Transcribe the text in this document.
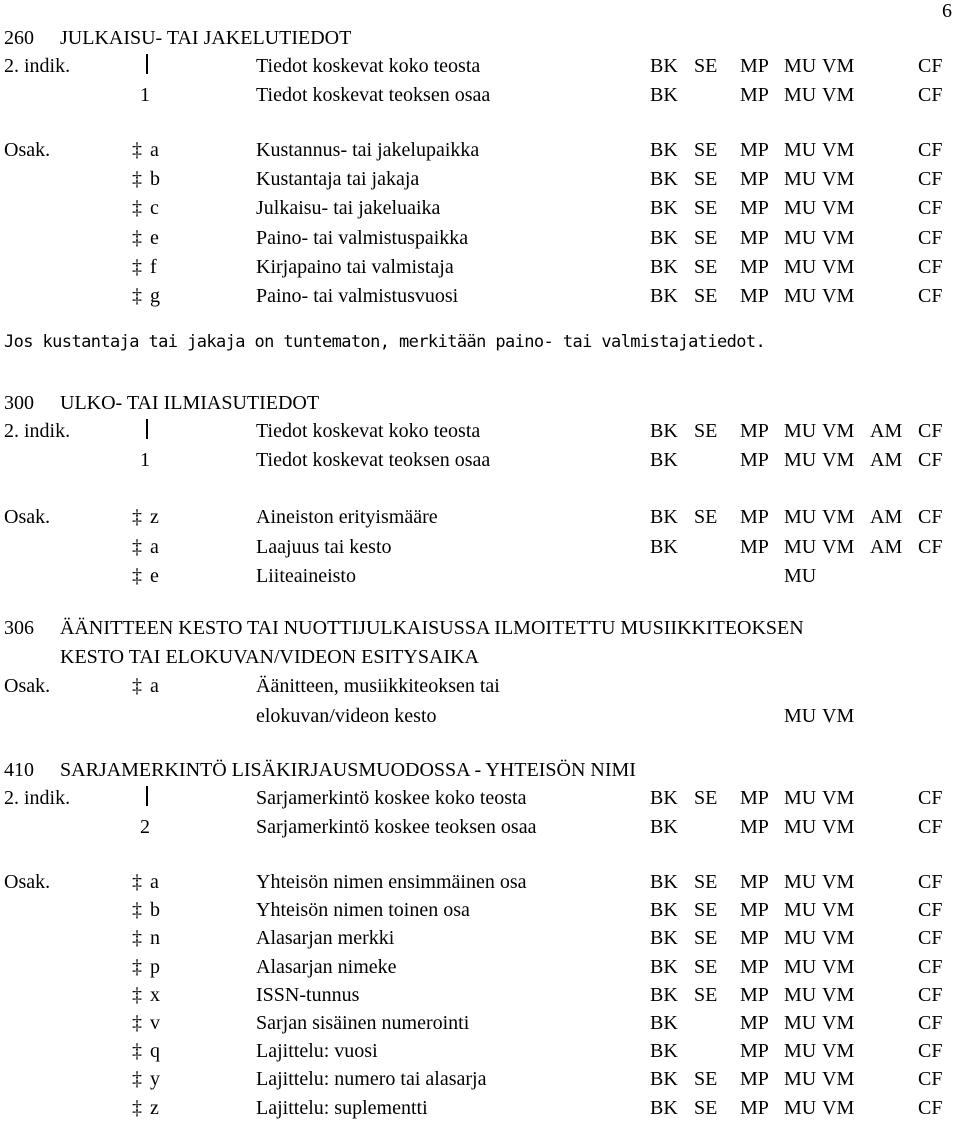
6
260 JULKAISU- TAI JAKELUTIEDOT
2. indik.	Tiedot koskevat koko teosta	BK SE MP MU VM	CF
1	Tiedot koskevat teoksen osaa	BK	MP MU VM	CF
Osak.	‡ a	Kustannus- tai jakelupaikka	BK SE MP MU VM	CF
‡ b	Kustantaja tai jakaja	BK SE MP MU VM	CF
‡ c	Julkaisu- tai jakeluaika	BK SE MP MU VM	CF
‡ e	Paino- tai valmistuspaikka	BK SE MP MU VM	CF
‡ f	Kirjapaino tai valmistaja	BK SE MP MU VM	CF
‡ g	Paino- tai valmistusvuosi	BK SE MP MU VM	CF
Jos kustantaja tai jakaja on tuntematon, merkitään paino- tai valmistajatiedot.
300 ULKO- TAI ILMIASUTIEDOT
2. indik.	Tiedot koskevat koko teosta	BK SE MP MU VM AM CF
1	Tiedot koskevat teoksen osaa	BK	MP MU VM AM CF
Osak.	‡ z	Aineiston erityismääre	BK SE MP MU VM AM CF
‡ a	Laajuus tai kesto	BK	MP MU VM AM CF
‡ e	Liiteaineisto	MU
306 ÄÄNITTEEN KESTO TAI NUOTTIJULKAISUSSA ILMOITETTU MUSIIKKITEOKSEN
KESTO TAI ELOKUVAN/VIDEON ESITYSAIKA
Osak.	‡ a	Äänitteen, musiikkiteoksen tai
elokuvan/videon kesto	MU VM
410 SARJAMERKINTÖ LISÄKIRJAUSMUODOSSA - YHTEISÖN NIMI
2. indik.	Sarjamerkintö koskee koko teosta	BK SE MP MU VM	CF
2	Sarjamerkintö koskee teoksen osaa	BK	MP MU VM	CF
Osak.	‡ a	Yhteisön nimen ensimmäinen osa	BK SE MP MU VM	CF
‡ b	Yhteisön nimen toinen osa	BK SE MP MU VM	CF
‡ n	Alasarjan merkki	BK SE MP MU VM	CF
‡ p	Alasarjan nimeke	BK SE MP MU VM	CF
‡ x	ISSN-tunnus	BK SE MP MU VM	CF
‡ v	Sarjan sisäinen numerointi	BK	MP MU VM	CF
‡ q	Lajittelu: vuosi	BK	MP MU VM	CF
‡ y	Lajittelu: numero tai alasarja	BK SE MP MU VM	CF
‡ z	Lajittelu: suplementti	BK SE MP MU VM	CF
